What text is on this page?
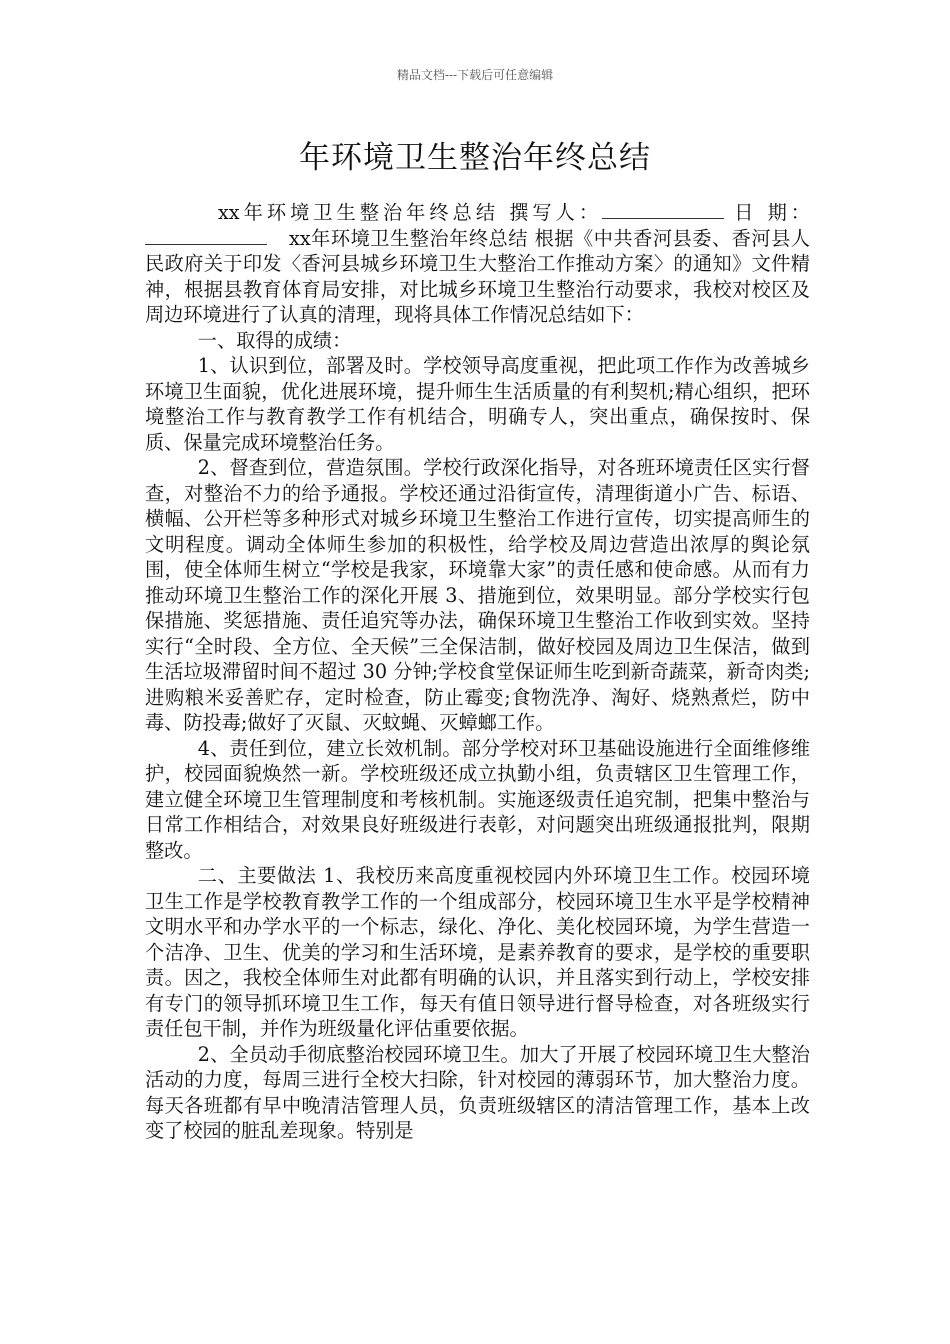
精品文档---下载后可任意编辑
年环境卫生整治年终总结

xx年环境卫生整治年终总结 撰写人：	日 期：xx年环境卫生整治年终总结 根据《中共香河县委、香河县人民政府关于印发〈香河县城乡环境卫生大整治工作推动方案〉的通知》文件精神，根据县教育体育局安排，对比城乡环境卫生整治行动要求，我校对校区及周边环境进行了认真的清理，现将具体工作情况总结如下：

一、取得的成绩：

1、认识到位，部署及时。学校领导高度重视，把此项工作作为改善城乡环境卫生面貌，优化进展环境，提升师生生活质量的有利契机;精心组织，把环境整治工作与教育教学工作有机结合，明确专人，突出重点，确保按时、保质、保量完成环境整治任务。

2、督查到位，营造氛围。学校行政深化指导，对各班环境责任区实行督查，对整治不力的给予通报。学校还通过沿街宣传，清理街道小广告、标语、横幅、公开栏等多种形式对城乡环境卫生整治工作进行宣传，切实提高师生的文明程度。调动全体师生参加的积极性，给学校及周边营造出浓厚的舆论氛围，使全体师生树立“学校是我家，环境靠大家”的责任感和使命感。从而有力推动环境卫生整治工作的深化开展 3、措施到位，效果明显。部分学校实行包保措施、奖惩措施、责任追究等办法，确保环境卫生整治工作收到实效。坚持实行“全时段、全方位、全天候”三全保洁制，做好校园及周边卫生保洁，做到生活垃圾滞留时间不超过 30 分钟;学校食堂保证师生吃到新奇蔬菜，新奇肉类;进购粮米妥善贮存，定时检查，防止霉变;食物洗净、淘好、烧熟煮烂，防中毒、防投毒;做好了灭鼠、灭蚊蝇、灭蟑螂工作。

4、责任到位，建立长效机制。部分学校对环卫基础设施进行全面维修维护，校园面貌焕然一新。学校班级还成立执勤小组，负责辖区卫生管理工作，建立健全环境卫生管理制度和考核机制。实施逐级责任追究制，把集中整治与日常工作相结合，对效果良好班级进行表彰，对问题突出班级通报批判，限期整改。

二、主要做法 1、我校历来高度重视校园内外环境卫生工作。校园环境卫生工作是学校教育教学工作的一个组成部分，校园环境卫生水平是学校精神文明水平和办学水平的一个标志，绿化、净化、美化校园环境，为学生营造一个洁净、卫生、优美的学习和生活环境，是素养教育的要求，是学校的重要职责。因之，我校全体师生对此都有明确的认识，并且落实到行动上，学校安排有专门的领导抓环境卫生工作，每天有值日领导进行督导检查，对各班级实行责任包干制，并作为班级量化评估重要依据。

2、全员动手彻底整治校园环境卫生。加大了开展了校园环境卫生大整治活动的力度，每周三进行全校大扫除，针对校园的薄弱环节，加大整治力度。每天各班都有早中晚清洁管理人员，负责班级辖区的清洁管理工作，基本上改变了校园的脏乱差现象。特别是
